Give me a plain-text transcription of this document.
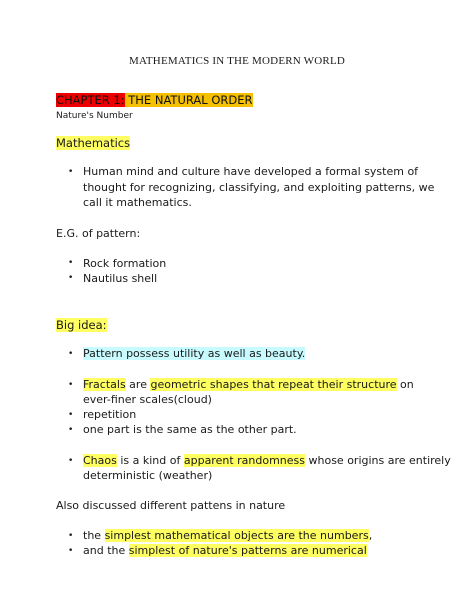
MATHEMATICS IN THE MODERN WORLD
CHAPTER 1: THE NATURAL ORDER
Nature's Number
Mathematics
• Human mind and culture have developed a formal system of
thought for recognizing, classifying, and exploiting patterns, we
call it mathematics.
E.G. of pattern:
• Rock formation
• Nautilus shell
Big idea:
• Pattern possess utility as well as beauty.
• Fractals are geometric shapes that repeat their structure on
ever-finer scales(cloud)
• repetition
• one part is the same as the other part.
• Chaos is a kind of apparent randomness whose origins are entirely
deterministic (weather)
Also discussed different pattens in nature
• the simplest mathematical objects are the numbers,
• and the simplest of nature's patterns are numerical
